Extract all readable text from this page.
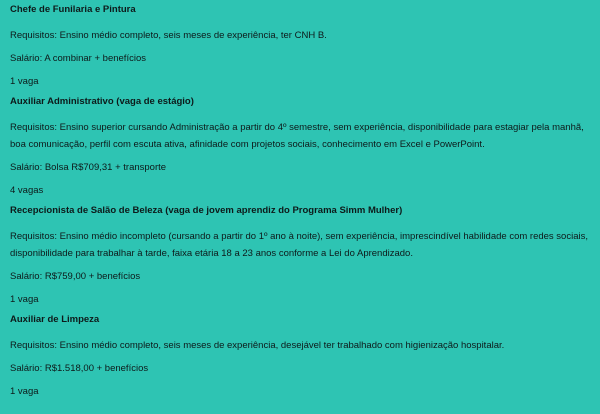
Chefe de Funilaria e Pintura
Requisitos: Ensino médio completo, seis meses de experiência, ter CNH B.
Salário: A combinar + benefícios
1 vaga
Auxiliar Administrativo (vaga de estágio)
Requisitos: Ensino superior cursando Administração a partir do 4º semestre, sem experiência, disponibilidade para estagiar pela manhã, boa comunicação, perfil com escuta ativa, afinidade com projetos sociais, conhecimento em Excel e PowerPoint.
Salário: Bolsa R$709,31 + transporte
4 vagas
Recepcionista de Salão de Beleza (vaga de jovem aprendiz do Programa Simm Mulher)
Requisitos: Ensino médio incompleto (cursando a partir do 1º ano à noite), sem experiência, imprescindível habilidade com redes sociais, disponibilidade para trabalhar à tarde, faixa etária 18 a 23 anos conforme a Lei do Aprendizado.
Salário: R$759,00 + benefícios
1 vaga
Auxiliar de Limpeza
Requisitos: Ensino médio completo, seis meses de experiência, desejável ter trabalhado com higienização hospitalar.
Salário: R$1.518,00 + benefícios
1 vaga
